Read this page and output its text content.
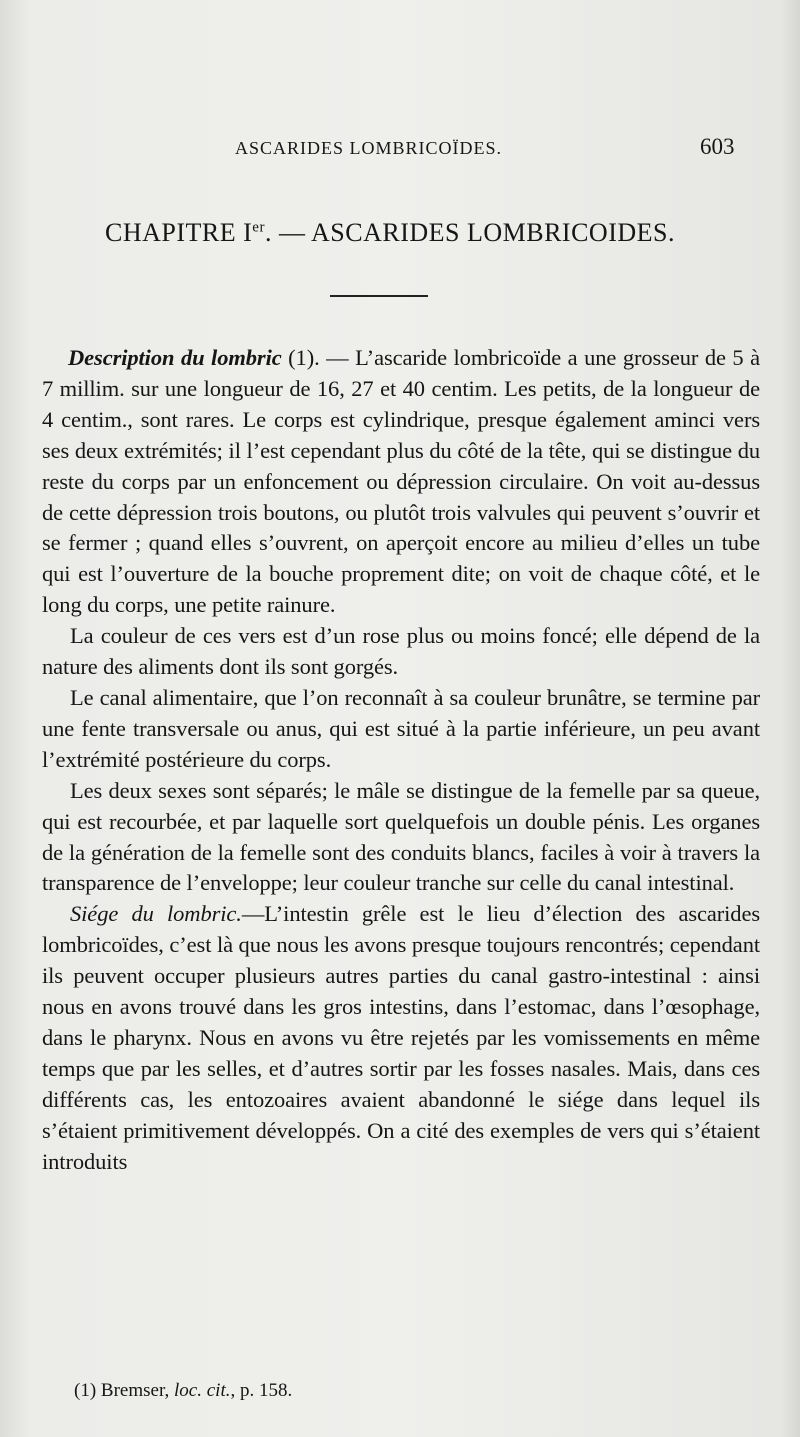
ASCARIDES LOMBRICOÏDES.	603
CHAPITRE Ier. — ASCARIDES LOMBRICOIDES.

Description du lombric (1). — L’ascaride lombricoïde a une grosseur de 5 à 7 millim. sur une longueur de 16, 27 et 40 centim. Les petits, de la longueur de 4 centim., sont rares. Le corps est cylindrique, presque également aminci vers ses deux extrémités; il l’est cependant plus du côté de la tête, qui se distingue du reste du corps par un enfoncement ou dépression circulaire. On voit au-dessus de cette dépression trois boutons, ou plutôt trois valvules qui peuvent s’ouvrir et se fermer ; quand elles s’ouvrent, on aperçoit encore au milieu d’elles un tube qui est l’ouverture de la bouche proprement dite; on voit de chaque côté, et le long du corps, une petite rainure.

La couleur de ces vers est d’un rose plus ou moins foncé; elle dépend de la nature des aliments dont ils sont gorgés.

Le canal alimentaire, que l’on reconnaît à sa couleur brunâtre, se termine par une fente transversale ou anus, qui est situé à la partie inférieure, un peu avant l’extrémité postérieure du corps.

Les deux sexes sont séparés; le mâle se distingue de la femelle par sa queue, qui est recourbée, et par laquelle sort quelquefois un double pénis. Les organes de la génération de la femelle sont des conduits blancs, faciles à voir à travers la transparence de l’enveloppe; leur couleur tranche sur celle du canal intestinal.

Siége du lombric.—L’intestin grêle est le lieu d’élection des ascarides lombricoïdes, c’est là que nous les avons presque toujours rencontrés; cependant ils peuvent occuper plusieurs autres parties du canal gastro-intestinal : ainsi nous en avons trouvé dans les gros intestins, dans l’estomac, dans l’œsophage, dans le pharynx. Nous en avons vu être rejetés par les vomissements en même temps que par les selles, et d’autres sortir par les fosses nasales. Mais, dans ces différents cas, les entozoaires avaient abandonné le siége dans lequel ils s’étaient primitivement développés. On a cité des exemples de vers qui s’étaient introduits

(1) Bremser, loc. cit., p. 158.
